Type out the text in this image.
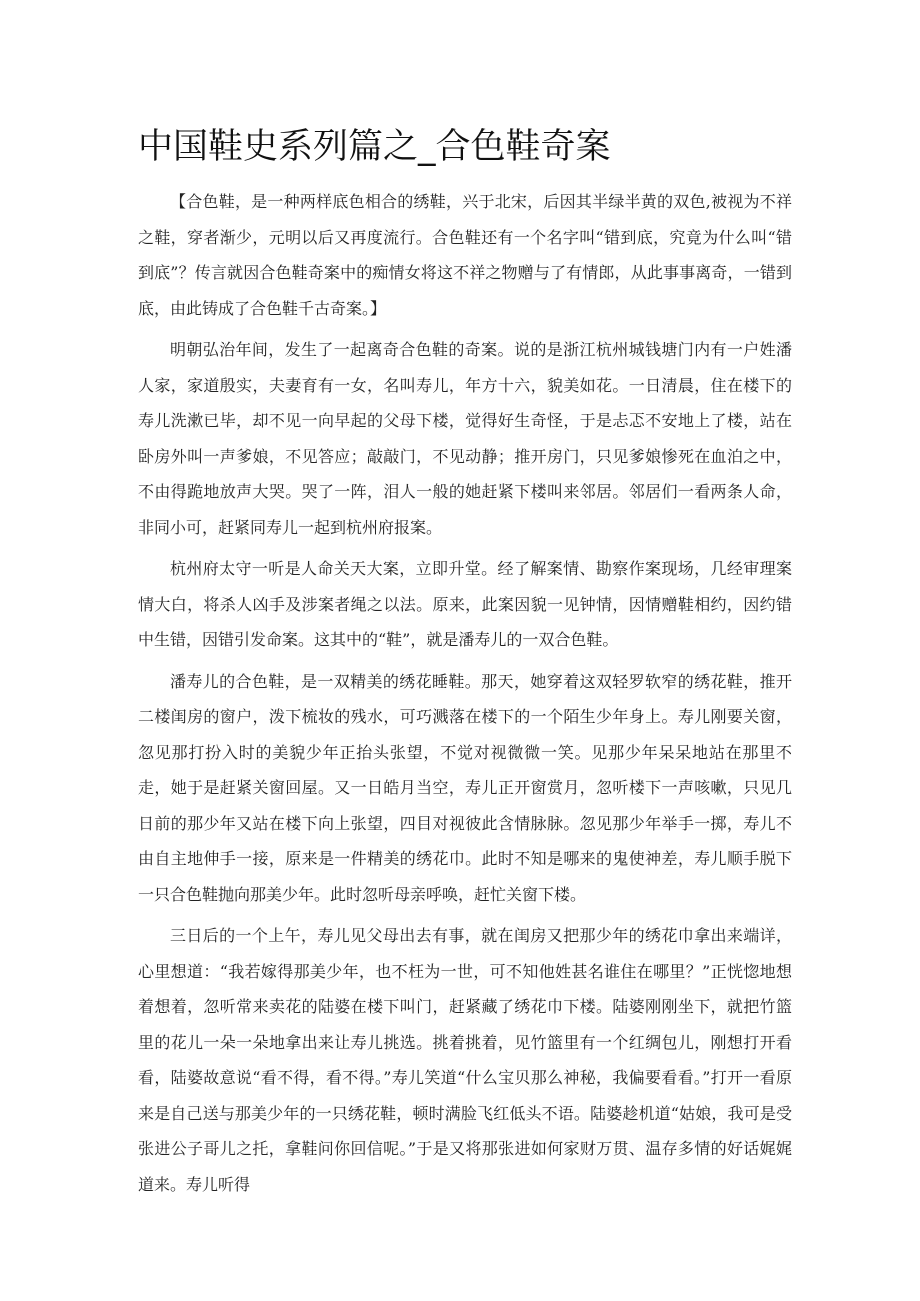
中国鞋史系列篇之_合色鞋奇案

【合色鞋，是一种两样底色相合的绣鞋，兴于北宋，后因其半绿半黄的双色,被视为不祥之鞋，穿者渐少，元明以后又再度流行。合色鞋还有一个名字叫“错到底，究竟为什么叫“错到底”？传言就因合色鞋奇案中的痴情女将这不祥之物赠与了有情郎，从此事事离奇，一错到底，由此铸成了合色鞋千古奇案。】

明朝弘治年间，发生了一起离奇合色鞋的奇案。说的是浙江杭州城钱塘门内有一户姓潘人家，家道殷实，夫妻育有一女，名叫寿儿，年方十六，貌美如花。一日清晨，住在楼下的寿儿洗漱已毕，却不见一向早起的父母下楼，觉得好生奇怪，于是忐忑不安地上了楼，站在卧房外叫一声爹娘，不见答应；敲敲门，不见动静；推开房门，只见爹娘惨死在血泊之中，不由得跪地放声大哭。哭了一阵，泪人一般的她赶紧下楼叫来邻居。邻居们一看两条人命，非同小可，赶紧同寿儿一起到杭州府报案。

杭州府太守一听是人命关天大案，立即升堂。经了解案情、勘察作案现场，几经审理案情大白，将杀人凶手及涉案者绳之以法。原来，此案因貌一见钟情，因情赠鞋相约，因约错中生错，因错引发命案。这其中的“鞋”，就是潘寿儿的一双合色鞋。

潘寿儿的合色鞋，是一双精美的绣花睡鞋。那天，她穿着这双轻罗软窄的绣花鞋，推开二楼闺房的窗户，泼下梳妆的残水，可巧溅落在楼下的一个陌生少年身上。寿儿刚要关窗，忽见那打扮入时的美貌少年正抬头张望，不觉对视微微一笑。见那少年呆呆地站在那里不走，她于是赶紧关窗回屋。又一日皓月当空，寿儿正开窗赏月，忽听楼下一声咳嗽，只见几日前的那少年又站在楼下向上张望，四目对视彼此含情脉脉。忽见那少年举手一掷，寿儿不由自主地伸手一接，原来是一件精美的绣花巾。此时不知是哪来的鬼使神差，寿儿顺手脱下一只合色鞋抛向那美少年。此时忽听母亲呼唤，赶忙关窗下楼。

三日后的一个上午，寿儿见父母出去有事，就在闺房又把那少年的绣花巾拿出来端详，心里想道：“我若嫁得那美少年，也不枉为一世，可不知他姓甚名谁住在哪里？”正恍惚地想着想着，忽听常来卖花的陆婆在楼下叫门，赶紧藏了绣花巾下楼。陆婆刚刚坐下，就把竹篮里的花儿一朵一朵地拿出来让寿儿挑选。挑着挑着，见竹篮里有一个红绸包儿，刚想打开看看，陆婆故意说“看不得，看不得。”寿儿笑道“什么宝贝那么神秘，我偏要看看。”打开一看原来是自己送与那美少年的一只绣花鞋，顿时满脸飞红低头不语。陆婆趁机道“姑娘，我可是受张进公子哥儿之托，拿鞋问你回信呢。”于是又将那张进如何家财万贯、温存多情的好话娓娓道来。寿儿听得
